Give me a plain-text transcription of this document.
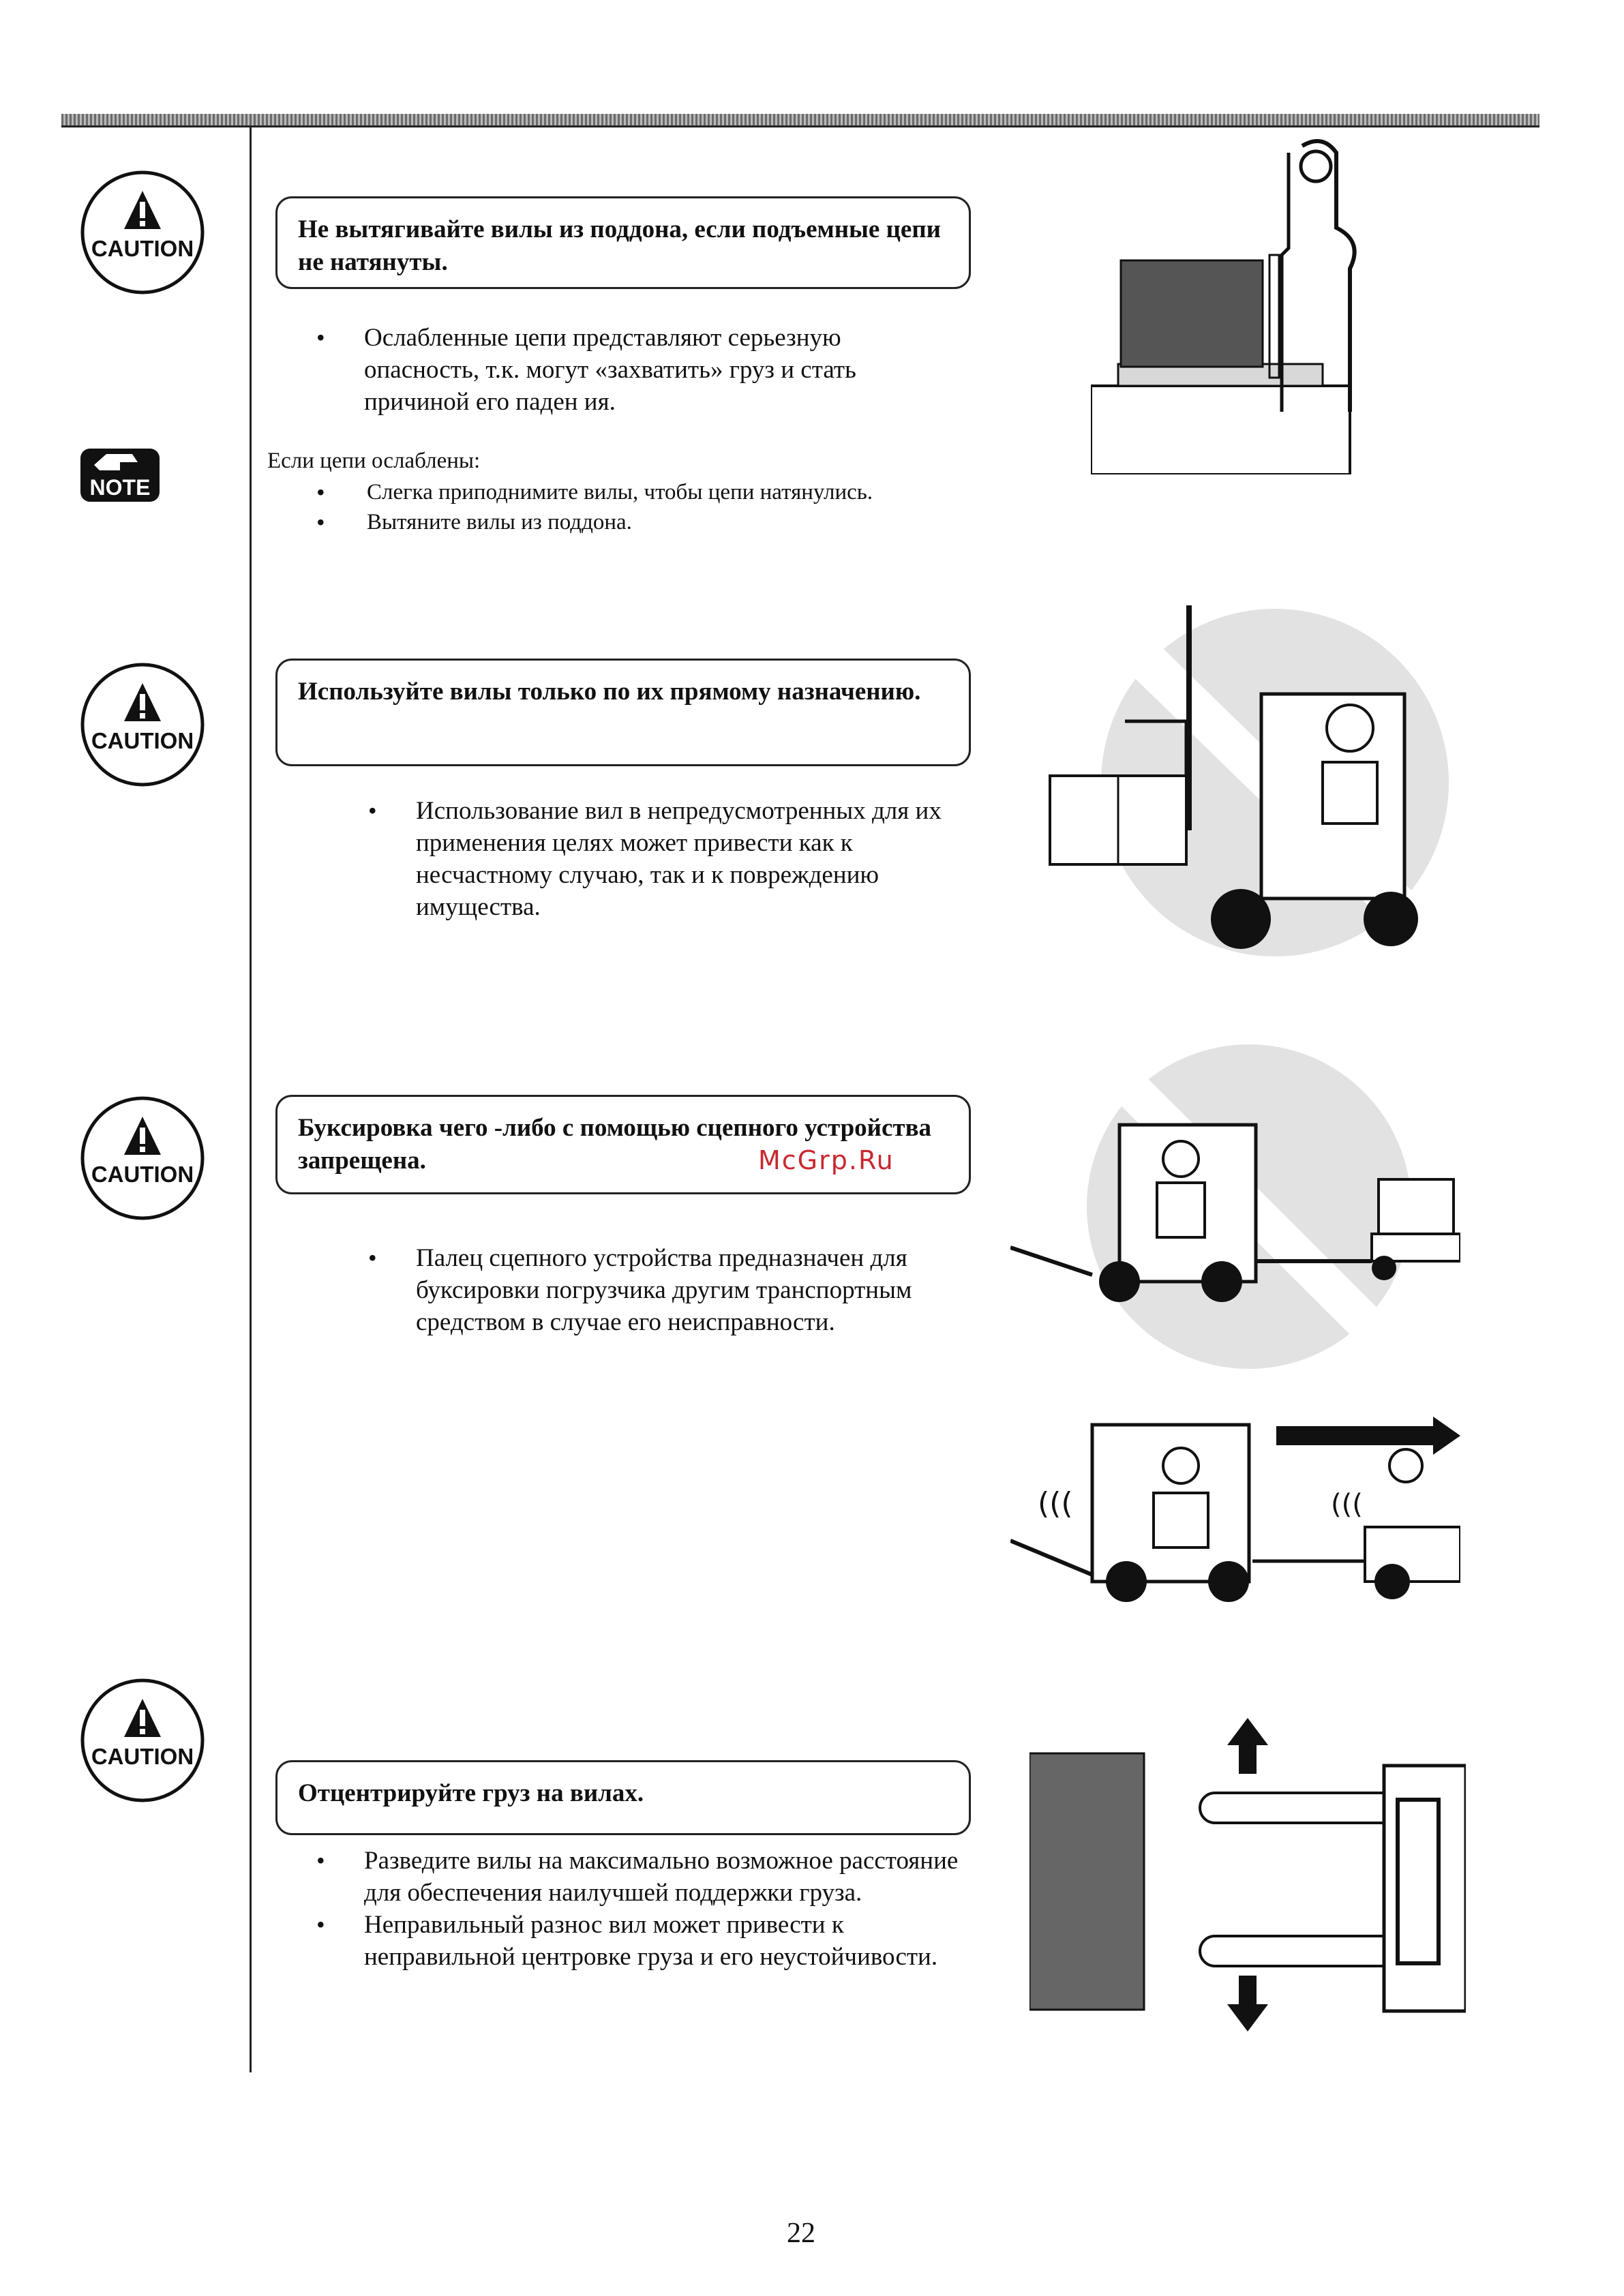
CAUTION
NOTE
CAUTION
CAUTION
CAUTION
Не вытягивайте вилы из поддона, если подъемные цепи не натянуты.
• Ослабленные цепи представляют серьезную опасность, т.к. могут «захватить» груз и стать причиной его паден ия.
Если цепи ослаблены:
• Слегка приподнимите вилы, чтобы цепи натянулись.
• Вытяните вилы из поддона.
Используйте вилы только по их прямому назначению.
• Использование вил в непредусмотренных для их применения целях может привести как к несчастному случаю, так и к повреждению имущества.
Буксировка чего -либо с помощью сцепного устройства запрещена.
• Палец сцепного устройства предназначен для буксировки погрузчика другим транспортным средством в случае его неисправности.
Отцентрируйте груз на вилах.
• Разведите вилы на максимально возможное расстояние для обеспечения наилучшей поддержки груза.
• Неправильный разнос вил может привести к неправильной центровке груза и его неустойчивости.
(((	(((
McGrp.Ru
22
